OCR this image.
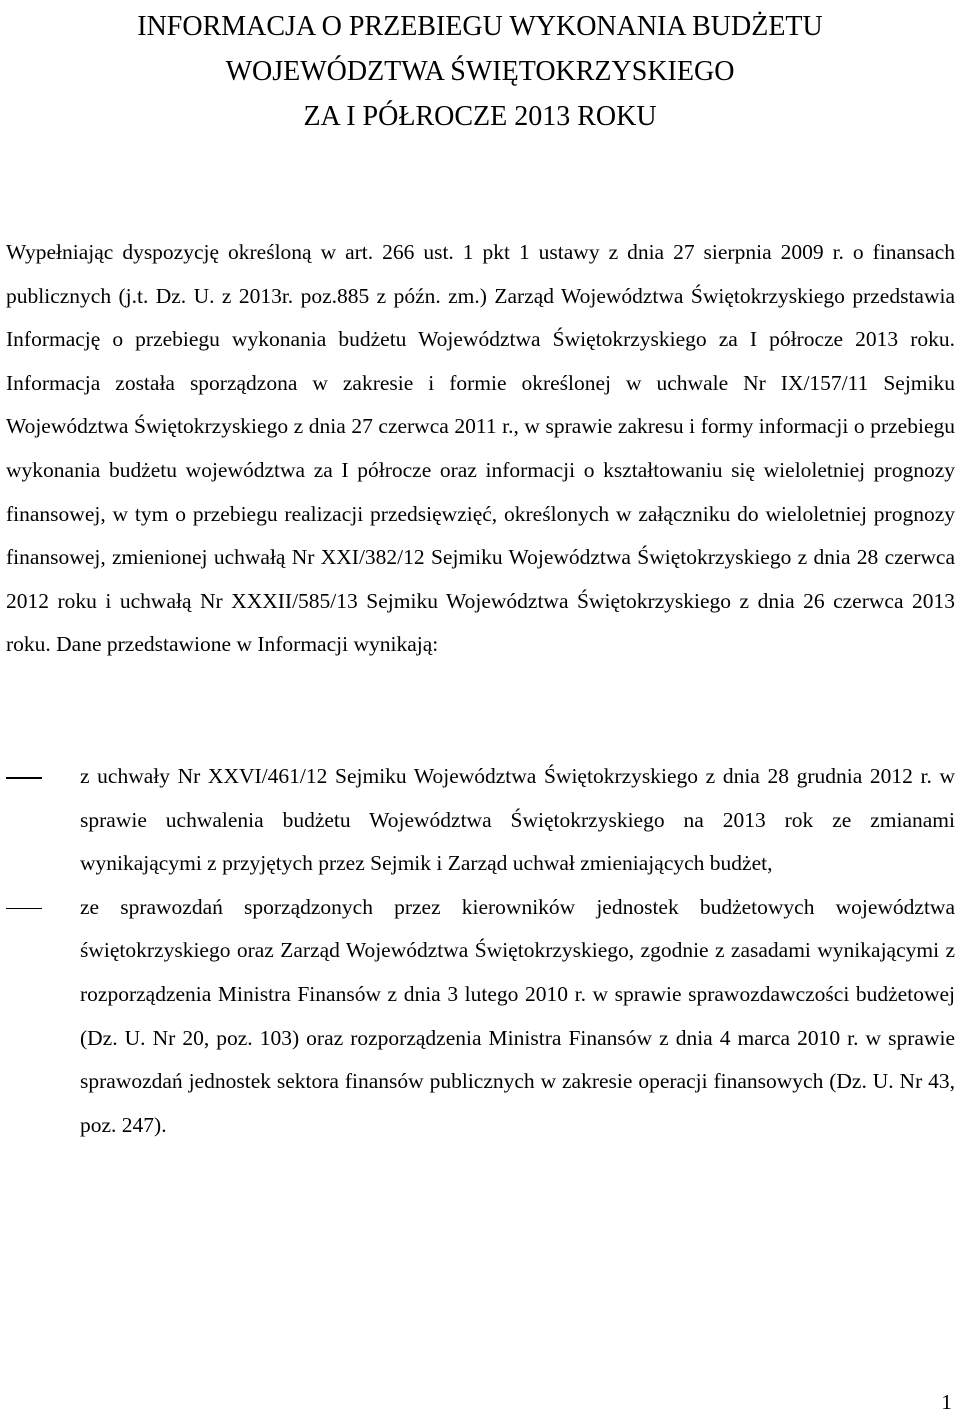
INFORMACJA O PRZEBIEGU WYKONANIA BUDŻETU

WOJEWÓDZTWA ŚWIĘTOKRZYSKIEGO

ZA I PÓŁROCZE 2013 ROKU

Wypełniając dyspozycję określoną w art. 266 ust. 1 pkt 1 ustawy z dnia 27 sierpnia 2009 r. o finansach publicznych (j.t. Dz. U. z 2013r. poz.885 z późn. zm.) Zarząd Województwa Świętokrzyskiego przedstawia Informację o przebiegu wykonania budżetu Województwa Świętokrzyskiego za I półrocze 2013 roku. Informacja została sporządzona w zakresie i formie określonej w uchwale Nr IX/157/11 Sejmiku Województwa Świętokrzyskiego z dnia 27 czerwca 2011 r., w sprawie zakresu i formy informacji o przebiegu wykonania budżetu województwa za I półrocze oraz informacji o kształtowaniu się wieloletniej prognozy finansowej, w tym o przebiegu realizacji przedsięwzięć, określonych w załączniku do wieloletniej prognozy finansowej, zmienionej uchwałą Nr XXI/382/12 Sejmiku Województwa Świętokrzyskiego z dnia 28 czerwca 2012 roku i uchwałą Nr XXXII/585/13 Sejmiku Województwa Świętokrzyskiego z dnia 26 czerwca 2013 roku. Dane przedstawione w Informacji wynikają:

z uchwały Nr XXVI/461/12 Sejmiku Województwa Świętokrzyskiego z dnia 28 grudnia 2012 r. w sprawie uchwalenia budżetu Województwa Świętokrzyskiego na 2013 rok ze zmianami wynikającymi z przyjętych przez Sejmik i Zarząd uchwał zmieniających budżet,
ze sprawozdań sporządzonych przez kierowników jednostek budżetowych województwa świętokrzyskiego oraz Zarząd Województwa Świętokrzyskiego, zgodnie z zasadami wynikającymi z rozporządzenia Ministra Finansów z dnia 3 lutego 2010 r. w sprawie sprawozdawczości budżetowej (Dz. U. Nr 20, poz. 103) oraz rozporządzenia Ministra Finansów z dnia 4 marca 2010 r. w sprawie sprawozdań jednostek sektora finansów publicznych w zakresie operacji finansowych (Dz. U. Nr 43, poz. 247).
1
